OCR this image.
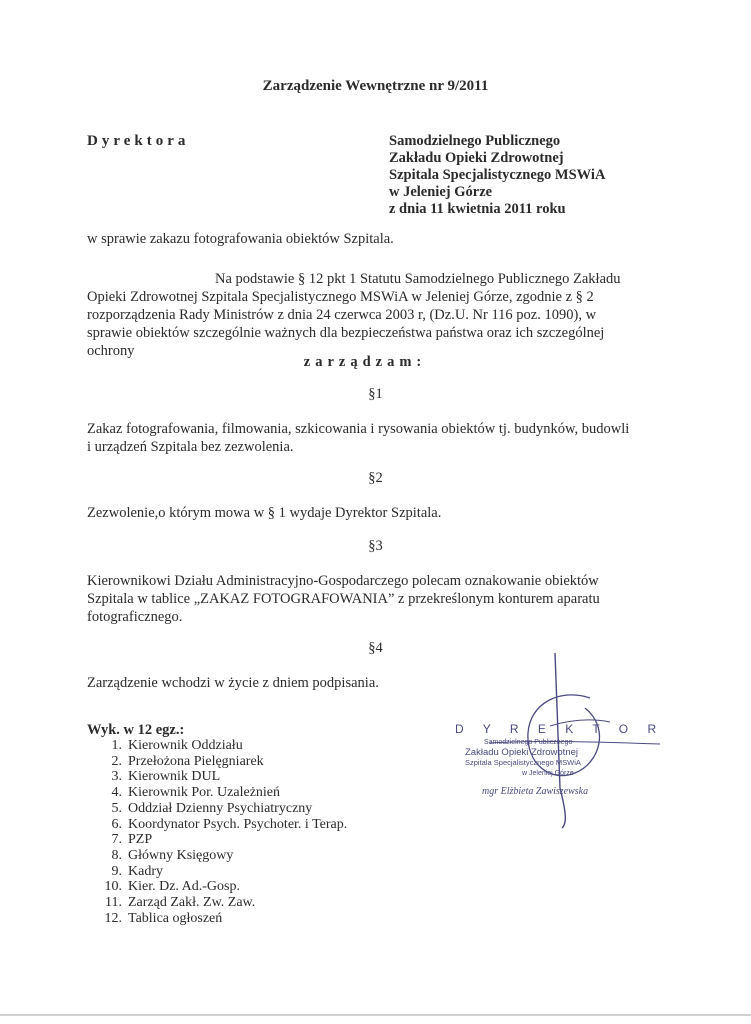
Zarządzenie Wewnętrzne nr 9/2011
Dyrektora	Samodzielnego Publicznego
Zakładu Opieki Zdrowotnej
Szpitala Specjalistycznego MSWiA
w Jeleniej Górze
z dnia 11 kwietnia 2011 roku
w sprawie zakazu fotografowania obiektów Szpitala.
Na podstawie § 12 pkt 1 Statutu Samodzielnego Publicznego Zakładu
Opieki Zdrowotnej Szpitala Specjalistycznego MSWiA w Jeleniej Górze, zgodnie z § 2
rozporządzenia Rady Ministrów z dnia 24 czerwca 2003 r, (Dz.U. Nr 116 poz. 1090), w
sprawie obiektów szczególnie ważnych dla bezpieczeństwa państwa oraz ich szczególnej
ochrony
zarządzam:
§1
Zakaz fotografowania, filmowania, szkicowania i rysowania obiektów tj. budynków, budowli
i urządzeń Szpitala bez zezwolenia.
§2
Zezwolenie,o którym mowa w § 1 wydaje Dyrektor Szpitala.
§3
Kierownikowi Działu Administracyjno-Gospodarczego polecam oznakowanie obiektów
Szpitala w tablice „ZAKAZ FOTOGRAFOWANIA” z przekreślonym konturem aparatu
fotograficznego.
§4
Zarządzenie wchodzi w życie z dniem podpisania.
Wyk. w 12 egz.:
1. Kierownik Oddziału
2. Przełożona Pielęgniarek
3. Kierownik DUL
4. Kierownik Por. Uzależnień
5. Oddział Dzienny Psychiatryczny
6. Koordynator Psych. Psychoter. i Terap.
7. PZP
8. Główny Księgowy
9. Kadry
10. Kier. Dz. Ad.-Gosp.
11. Zarząd Zakł. Zw. Zaw.
12. Tablica ogłoszeń
D Y R E K T O R
Samodzielnego Publicznego
Zakładu Opieki Zdrowotnej
Szpitala Specjalistycznego MSWiA
w Jeleniej Górze
mgr Elżbieta Zawiszewska
